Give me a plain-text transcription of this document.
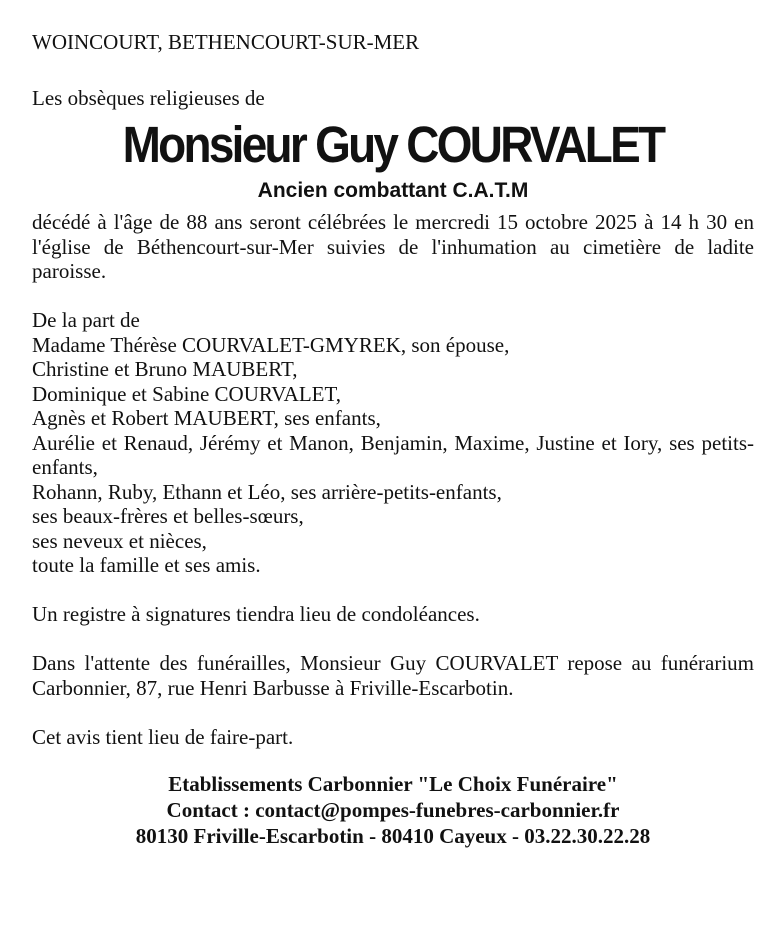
WOINCOURT, BETHENCOURT-SUR-MER

Les obsèques religieuses de

Monsieur Guy COURVALET

Ancien combattant C.A.T.M

décédé à l'âge de 88 ans seront célébrées le mercredi 15 octobre 2025 à 14 h 30 en l'église de Béthencourt-sur-Mer suivies de l'inhumation au cimetière de ladite paroisse.

De la part de

Madame Thérèse COURVALET-GMYREK, son épouse,
Christine et Bruno MAUBERT,
Dominique et Sabine COURVALET,
Agnès et Robert MAUBERT, ses enfants,
Aurélie et Renaud, Jérémy et Manon, Benjamin, Maxime, Justine et Iory, ses petits-enfants,
Rohann, Ruby, Ethann et Léo, ses arrière-petits-enfants,
ses beaux-frères et belles-sœurs,
ses neveux et nièces,
toute la famille et ses amis.

Un registre à signatures tiendra lieu de condoléances.

Dans l'attente des funérailles, Monsieur Guy COURVALET repose au funérarium Carbonnier, 87, rue Henri Barbusse à Friville-Escarbotin.

Cet avis tient lieu de faire-part.

Etablissements Carbonnier "Le Choix Funéraire"
Contact : contact@pompes-funebres-carbonnier.fr
80130 Friville-Escarbotin - 80410 Cayeux - 03.22.30.22.28
